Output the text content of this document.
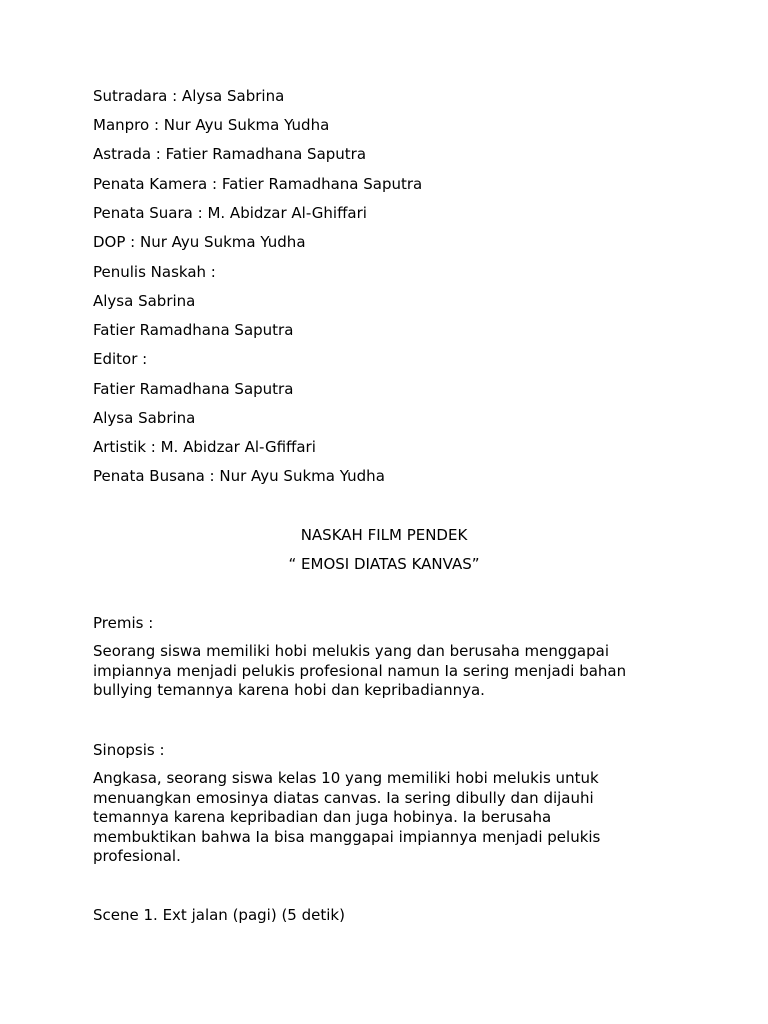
Sutradara : Alysa Sabrina
Manpro : Nur Ayu Sukma Yudha
Astrada : Fatier Ramadhana Saputra
Penata Kamera : Fatier Ramadhana Saputra
Penata Suara : M. Abidzar Al-Ghiffari
DOP : Nur Ayu Sukma Yudha
Penulis Naskah :
Alysa Sabrina
Fatier Ramadhana Saputra
Editor :
Fatier Ramadhana Saputra
Alysa Sabrina
Artistik : M. Abidzar Al-Gfiffari
Penata Busana : Nur Ayu Sukma Yudha
NASKAH FILM PENDEK
“ EMOSI DIATAS KANVAS”
Premis :
Seorang siswa memiliki hobi melukis yang dan berusaha menggapai
impiannya menjadi pelukis profesional namun Ia sering menjadi bahan
bullying temannya karena hobi dan kepribadiannya.
Sinopsis :
Angkasa, seorang siswa kelas 10 yang memiliki hobi melukis untuk
menuangkan emosinya diatas canvas. Ia sering dibully dan dijauhi
temannya karena kepribadian dan juga hobinya. Ia berusaha
membuktikan bahwa Ia bisa manggapai impiannya menjadi pelukis
profesional.
Scene 1. Ext jalan (pagi) (5 detik)
